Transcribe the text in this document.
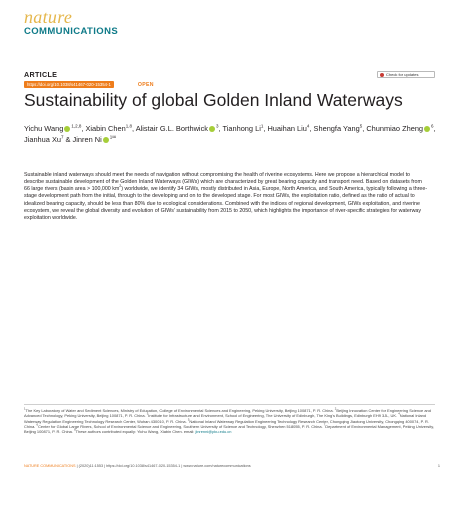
nature
COMMUNICATIONS
ARTICLE	Check for updates
https://doi.org/10.1038/s41467-020-15354-1	OPEN
Sustainability of global Golden Inland Waterways
Yichu Wang $^{1,2,8}$, Xiabin Chen$^{1,8}$, Alistair G.L. Borthwick $^3$, Tianhong Li$^1$, Huaihan Liu$^4$, Shengfa Yang$^5$, Chunmiao Zheng $^6$, Jianhua Xu$^7$ & Jinren Ni $^{1✉}$

Sustainable inland waterways should meet the needs of navigation without compromising the health of riverine ecosystems. Here we propose a hierarchical model to describe sustainable development of the Golden Inland Waterways (GIWs) which are characterized by great bearing capacity and transport need. Based on datasets from 66 large rivers (basin area > 100,000 $km^2$) worldwide, we identify 34 GIWs, mostly distributed in Asia, Europe, North America, and South America, typically following a three-stage development path from the initial, through to the developing and on to the developed stage. For most GIWs, the exploitation ratio, defined as the ratio of actual to idealized bearing capacity, should be less than 80% due to ecological considerations. Combined with the indices of regional development, GIWs exploitation, and riverine ecosystem, we reveal the global diversity and evolution of GIWs' sustainability from 2015 to 2050, which highlights the importance of river-specific strategies for waterway exploitation worldwide.

$^1$The Key Laboratory of Water and Sediment Sciences, Ministry of Education, College of Environmental Sciences and Engineering, Peking University, Beijing 100871, P. R. China. $^2$Beijing Innovation Center for Engineering Science and Advanced Technology, Peking University, Beijing 100871, P. R. China. $^3$Institute for Infrastructure and Environment, School of Engineering, The University of Edinburgh, The King's Buildings, Edinburgh EH9 3JL, UK. $^4$National Inland Waterway Regulation Engineering Technology Research Center, Wuhan 430010, P. R. China. $^5$National Inland Waterway Regulation Engineering Technology Research Center, Chongqing Jiaotong University, Chongqing 400074, P. R. China. $^6$Center for Global Large Rivers, School of Environmental Science and Engineering, Southern University of Science and Technology, Shenzhen 518055, P. R. China. $^7$Department of Environmental Management, Peking University, Beijing 100871, P. R. China. $^8$These authors contributed equally: Yichu Wang, Xiabin Chen. email: jinrenni@pku.edu.cn

NATURE COMMUNICATIONS | (2020)11:1553 | https://doi.org/10.1038/s41467-020-15354-1 | www.nature.com/naturecommunications	1
